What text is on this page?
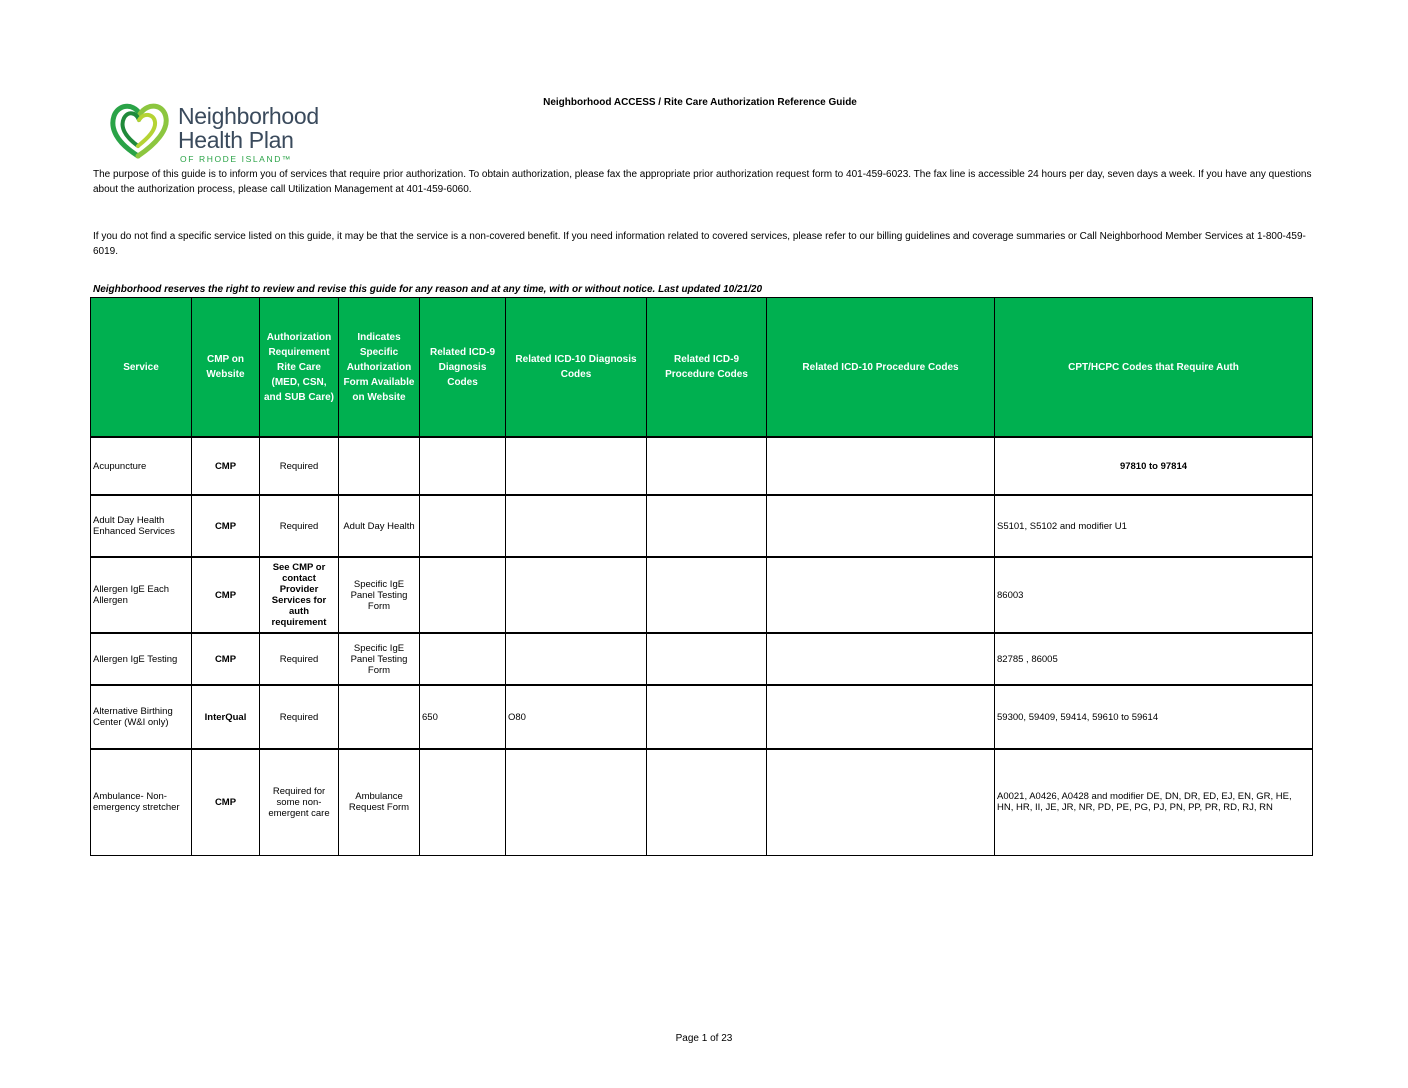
Neighborhood
Health Plan
OF RHODE ISLAND™
Neighborhood ACCESS / Rite Care Authorization Reference Guide
The purpose of this guide is to inform you of services that require prior authorization. To obtain authorization, please fax the appropriate prior authorization request form to 401-459-6023. The fax line is accessible 24 hours per day, seven days a week. If you have any questions about the authorization process, please call Utilization Management at 401-459-6060.
If you do not find a specific service listed on this guide, it may be that the service is a non-covered benefit. If you need information related to covered services, please refer to our billing guidelines and coverage summaries or Call Neighborhood Member Services at 1-800-459-6019.
Neighborhood reserves the right to review and revise this guide for any reason and at any time, with or without notice. Last updated 10/21/20
Service	CMP on Website	Authorization Requirement Rite Care (MED, CSN, and SUB Care)	Indicates Specific Authorization Form Available on Website	Related ICD-9 Diagnosis Codes	Related ICD-10 Diagnosis Codes	Related ICD-9 Procedure Codes	Related ICD-10 Procedure Codes	CPT/HCPC Codes that Require Auth
Acupuncture	CMP	Required						97810 to 97814
Adult Day Health Enhanced Services	CMP	Required	Adult Day Health					S5101, S5102 and modifier U1
Allergen IgE Each Allergen	CMP	See CMP or contact Provider Services for auth requirement	Specific IgE Panel Testing Form					86003
Allergen IgE Testing	CMP	Required	Specific IgE Panel Testing Form					82785 , 86005
Alternative Birthing Center (W&I only)	InterQual	Required		650	O80			59300, 59409, 59414, 59610 to 59614
Ambulance- Non-emergency stretcher	CMP	Required for some non-emergent care	Ambulance Request Form					A0021, A0426, A0428 and modifier DE, DN, DR, ED, EJ, EN, GR, HE, HN, HR, II, JE, JR, NR, PD, PE, PG, PJ, PN, PP, PR, RD, RJ, RN
Page 1 of 23
